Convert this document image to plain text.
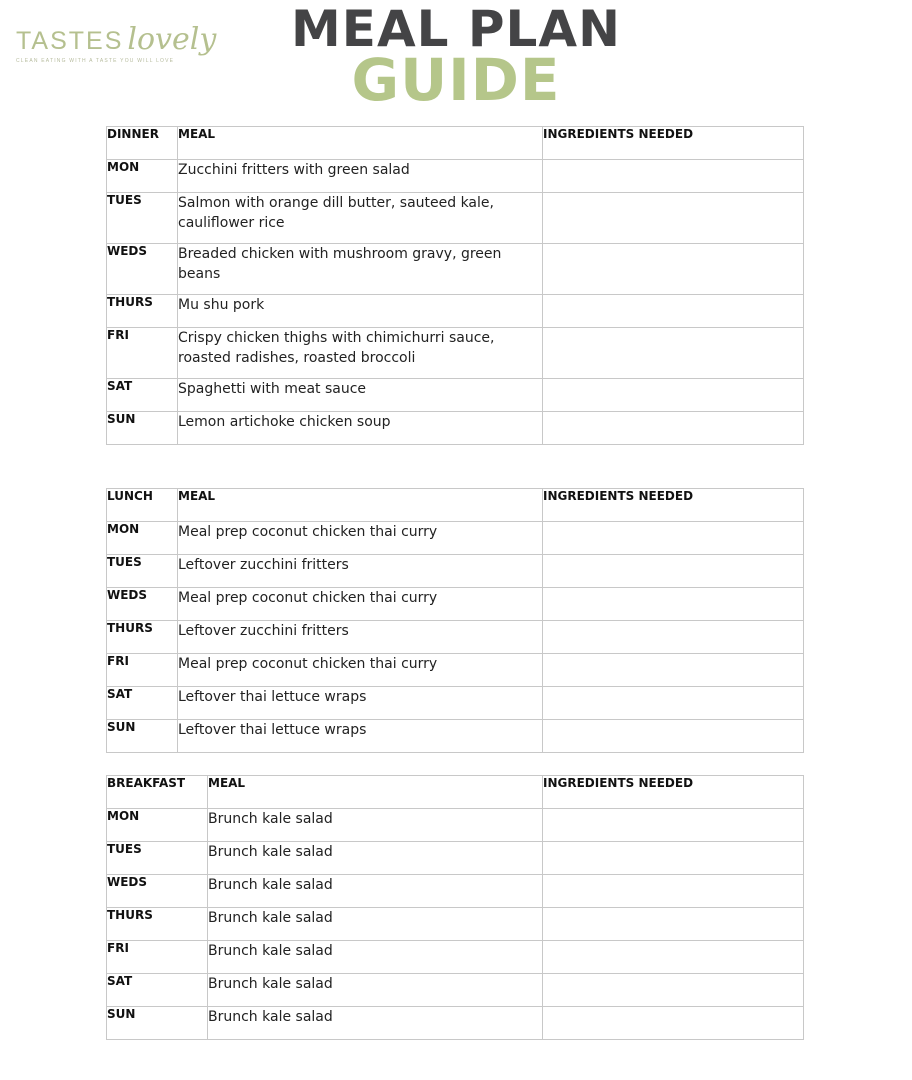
TASTES lovely
CLEAN EATING WITH A TASTE YOU WILL LOVE
MEAL PLAN
GUIDE
DINNER	MEAL	INGREDIENTS NEEDED
MON	Zucchini fritters with green salad	
TUES	Salmon with orange dill butter, sauteed kale, cauliflower rice	
WEDS	Breaded chicken with mushroom gravy, green beans	
THURS	Mu shu pork	
FRI	Crispy chicken thighs with chimichurri sauce, roasted radishes, roasted broccoli	
SAT	Spaghetti with meat sauce	
SUN	Lemon artichoke chicken soup	
LUNCH	MEAL	INGREDIENTS NEEDED
MON	Meal prep coconut chicken thai curry	
TUES	Leftover zucchini fritters	
WEDS	Meal prep coconut chicken thai curry	
THURS	Leftover zucchini fritters	
FRI	Meal prep coconut chicken thai curry	
SAT	Leftover thai lettuce wraps	
SUN	Leftover thai lettuce wraps	
BREAKFAST	MEAL	INGREDIENTS NEEDED
MON	Brunch kale salad	
TUES	Brunch kale salad	
WEDS	Brunch kale salad	
THURS	Brunch kale salad	
FRI	Brunch kale salad	
SAT	Brunch kale salad	
SUN	Brunch kale salad	
